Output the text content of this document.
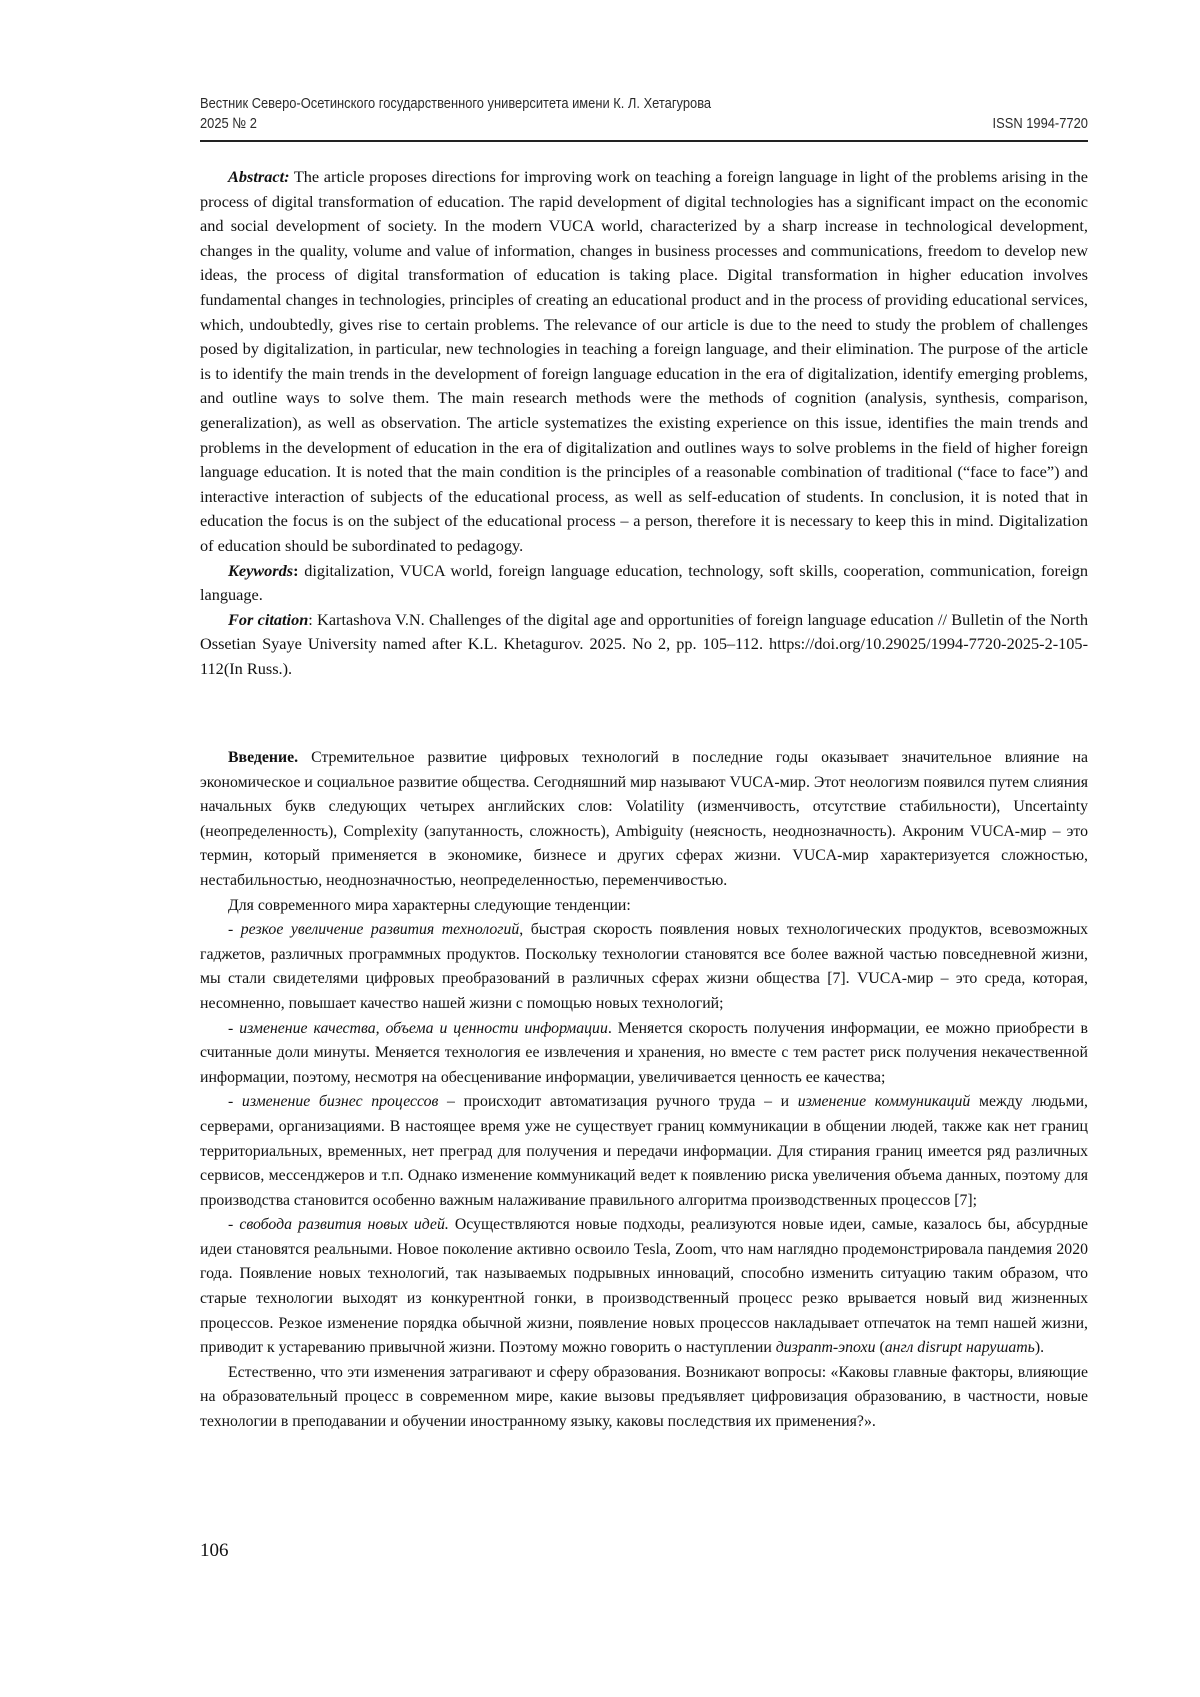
Вестник Северо-Осетинского государственного университета имени К. Л. Хетагурова
2025 № 2	ISSN 1994-7720

Abstract: The article proposes directions for improving work on teaching a foreign language in light of the problems arising in the process of digital transformation of education. The rapid development of digital technologies has a significant impact on the economic and social development of society. In the modern VUCA world, characterized by a sharp increase in technological development, changes in the quality, volume and value of information, changes in business processes and communications, freedom to develop new ideas, the process of digital transformation of education is taking place. Digital transformation in higher education involves fundamental changes in technologies, principles of creating an educational product and in the process of providing educational services, which, undoubtedly, gives rise to certain problems. The relevance of our article is due to the need to study the problem of challenges posed by digitalization, in particular, new technologies in teaching a foreign language, and their elimination. The purpose of the article is to identify the main trends in the development of foreign language education in the era of digitalization, identify emerging problems, and outline ways to solve them. The main research methods were the methods of cognition (analysis, synthesis, comparison, generalization), as well as observation. The article systematizes the existing experience on this issue, identifies the main trends and problems in the development of education in the era of digitalization and outlines ways to solve problems in the field of higher foreign language education. It is noted that the main condition is the principles of a reasonable combination of traditional (“face to face”) and interactive interaction of subjects of the educational process, as well as self-education of students. In conclusion, it is noted that in education the focus is on the subject of the educational process – a person, therefore it is necessary to keep this in mind. Digitalization of education should be subordinated to pedagogy.

Keywords: digitalization, VUCA world, foreign language education, technology, soft skills, cooperation, communication, foreign language.

For citation: Kartashova V.N. Challenges of the digital age and opportunities of foreign language education // Bulletin of the North Ossetian Syaye University named after K.L. Khetagurov. 2025. No 2, pp. 105–112. https://doi.org/10.29025/1994-7720-2025-2-105-112(In Russ.).

Введение. Стремительное развитие цифровых технологий в последние годы оказывает значительное влияние на экономическое и социальное развитие общества. Сегодняшний мир называют VUCA-мир. Этот неологизм появился путем слияния начальных букв следующих четырех английских слов: Volatility (изменчивость, отсутствие стабильности), Uncertainty (неопределенность), Complexity (запутанность, сложность), Ambiguity (неясность, неоднозначность). Акроним VUCA-мир – это термин, который применяется в экономике, бизнесе и других сферах жизни. VUCA-мир характеризуется сложностью, нестабильностью, неоднозначностью, неопределенностью, переменчивостью.

Для современного мира характерны следующие тенденции:

- резкое увеличение развития технологий, быстрая скорость появления новых технологических продуктов, всевозможных гаджетов, различных программных продуктов. Поскольку технологии становятся все более важной частью повседневной жизни, мы стали свидетелями цифровых преобразований в различных сферах жизни общества [7]. VUCA-мир – это среда, которая, несомненно, повышает качество нашей жизни с помощью новых технологий;

- изменение качества, объема и ценности информации. Меняется скорость получения информации, ее можно приобрести в считанные доли минуты. Меняется технология ее извлечения и хранения, но вместе с тем растет риск получения некачественной информации, поэтому, несмотря на обесценивание информации, увеличивается ценность ее качества;

- изменение бизнес процессов – происходит автоматизация ручного труда – и изменение коммуникаций между людьми, серверами, организациями. В настоящее время уже не существует границ коммуникации в общении людей, также как нет границ территориальных, временных, нет преград для получения и передачи информации. Для стирания границ имеется ряд различных сервисов, мессенджеров и т.п. Однако изменение коммуникаций ведет к появлению риска увеличения объема данных, поэтому для производства становится особенно важным налаживание правильного алгоритма производственных процессов [7];

- свобода развития новых идей. Осуществляются новые подходы, реализуются новые идеи, самые, казалось бы, абсурдные идеи становятся реальными. Новое поколение активно освоило Tesla, Zoom, что нам наглядно продемонстрировала пандемия 2020 года. Появление новых технологий, так называемых подрывных инноваций, способно изменить ситуацию таким образом, что старые технологии выходят из конкурентной гонки, в производственный процесс резко врывается новый вид жизненных процессов. Резкое изменение порядка обычной жизни, появление новых процессов накладывает отпечаток на темп нашей жизни, приводит к устареванию привычной жизни. Поэтому можно говорить о наступлении дизрапт-эпохи (англ disrupt нарушать).

Естественно, что эти изменения затрагивают и сферу образования. Возникают вопросы: «Каковы главные факторы, влияющие на образовательный процесс в современном мире, какие вызовы предъявляет цифровизация образованию, в частности, новые технологии в преподавании и обучении иностранному языку, каковы последствия их применения?».

106
